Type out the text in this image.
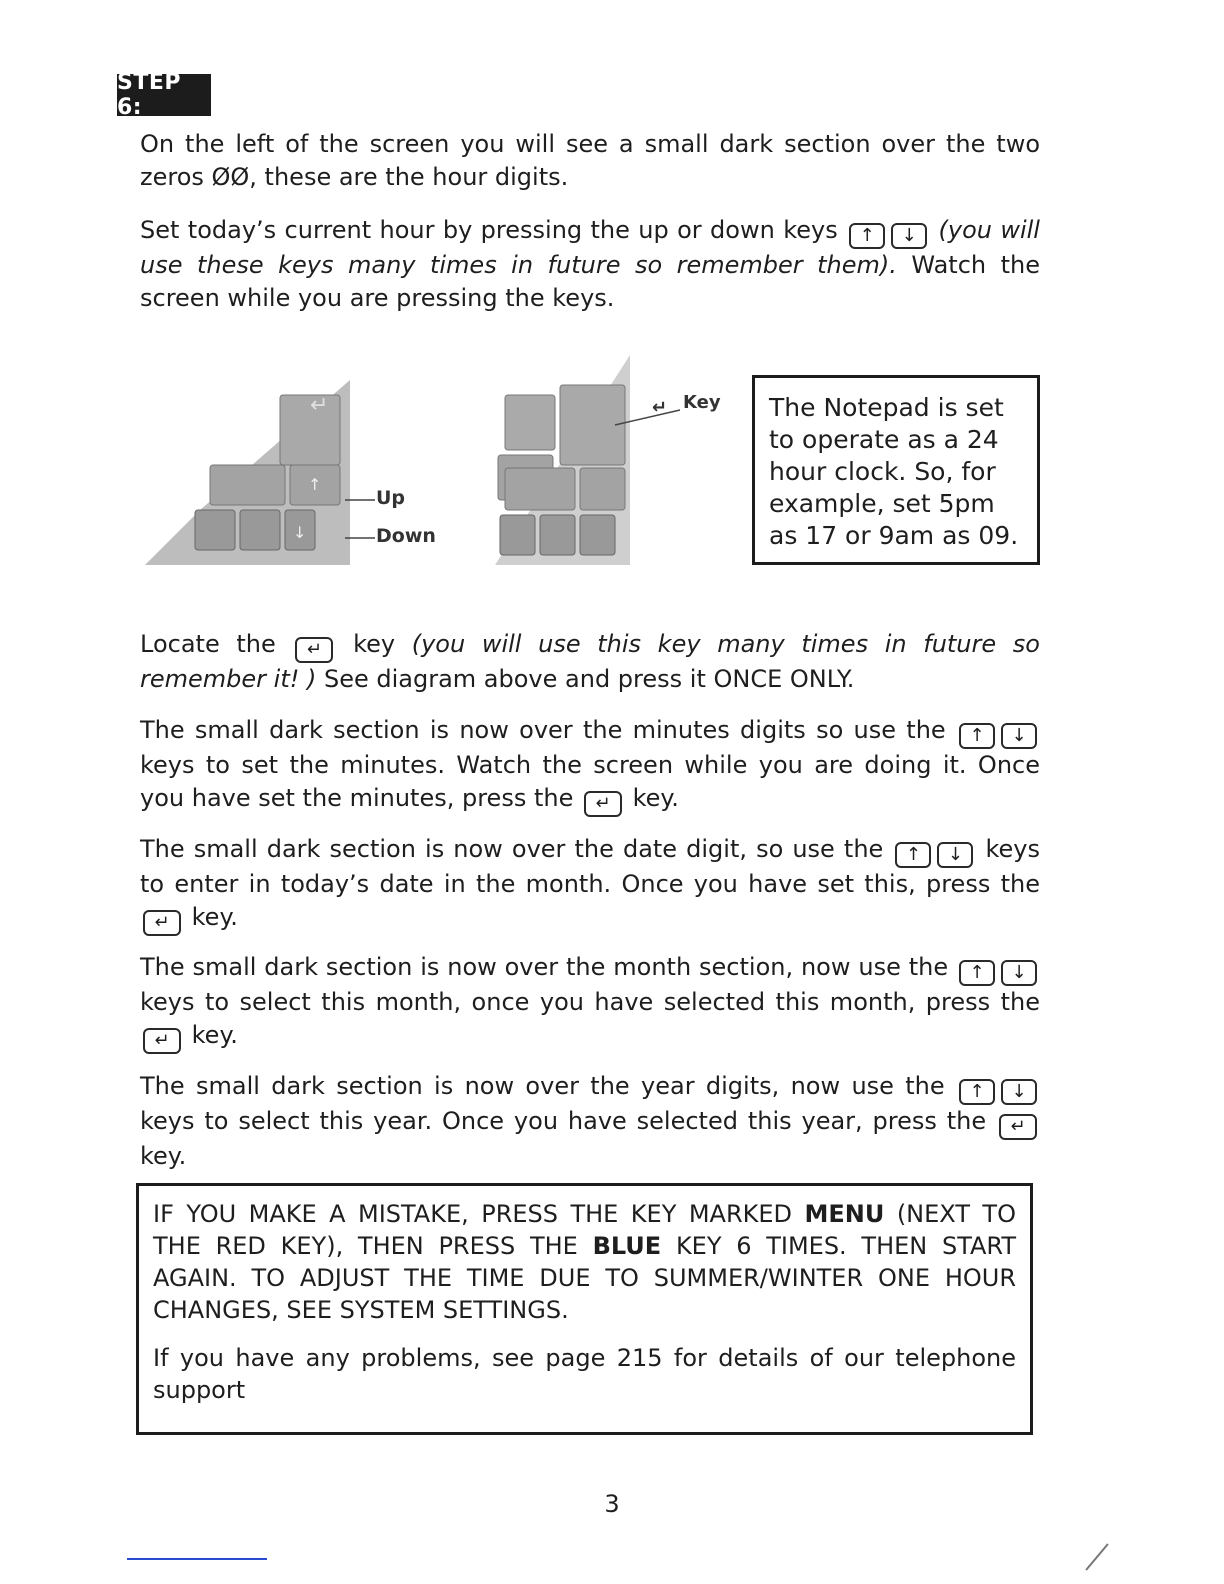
STEP 6:

On the left of the screen you will see a small dark section over the two zeros ØØ, these are the hour digits.

Set today’s current hour by pressing the up or down keys ↑ ↓ (you will use these keys many times in future so remember them). Watch the screen while you are pressing the keys.

↵
↑
↓
Up
Down
↵ Key	The Notepad is set to operate as a 24 hour clock. So, for example, set 5pm as 17 or 9am as 09.

Locate the ↵ key (you will use this key many times in future so remember it! ) See diagram above and press it ONCE ONLY.

The small dark section is now over the minutes digits so use the ↑ ↓ keys to set the minutes. Watch the screen while you are doing it. Once you have set the minutes, press the ↵ key.

The small dark section is now over the date digit, so use the ↑ ↓ keys to enter in today’s date in the month. Once you have set this, press the ↵ key.

The small dark section is now over the month section, now use the ↑ ↓ keys to select this month, once you have selected this month, press the ↵ key.

The small dark section is now over the year digits, now use the ↑ ↓ keys to select this year. Once you have selected this year, press the ↵ key.

IF YOU MAKE A MISTAKE, PRESS THE KEY MARKED MENU (NEXT TO THE RED KEY), THEN PRESS THE BLUE KEY 6 TIMES. THEN START AGAIN. TO ADJUST THE TIME DUE TO SUMMER/WINTER ONE HOUR CHANGES, SEE SYSTEM SETTINGS.

If you have any problems, see page 215 for details of our telephone support

3
